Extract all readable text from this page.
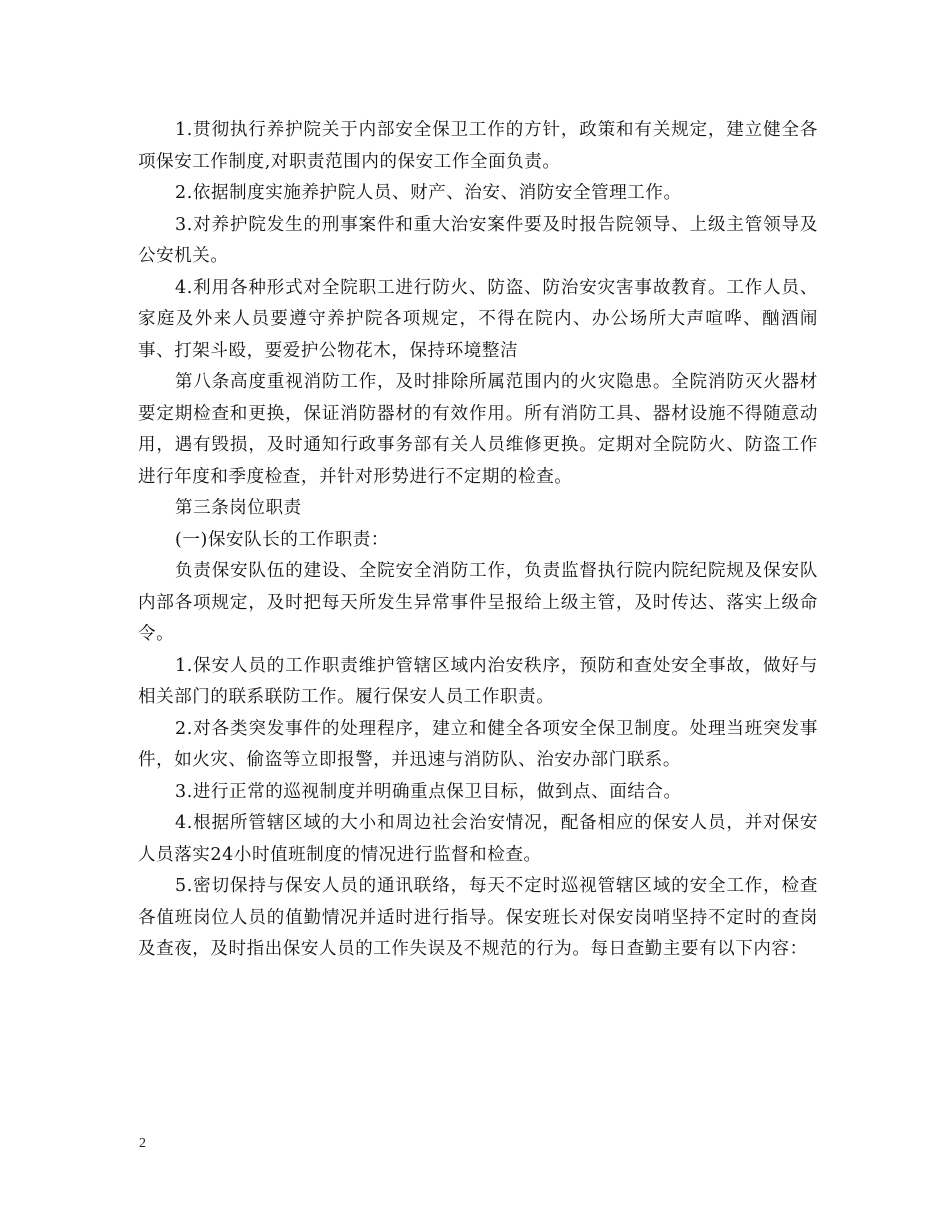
1.贯彻执行养护院关于内部安全保卫工作的方针，政策和有关规定，建立健全各项保安工作制度,对职责范围内的保安工作全面负责。

2.依据制度实施养护院人员、财产、治安、消防安全管理工作。

3.对养护院发生的刑事案件和重大治安案件要及时报告院领导、上级主管领导及公安机关。

4.利用各种形式对全院职工进行防火、防盗、防治安灾害事故教育。工作人员、家庭及外来人员要遵守养护院各项规定，不得在院内、办公场所大声喧哗、酗酒闹事、打架斗殴，要爱护公物花木，保持环境整洁

第八条高度重视消防工作，及时排除所属范围内的火灾隐患。全院消防灭火器材要定期检查和更换，保证消防器材的有效作用。所有消防工具、器材设施不得随意动用，遇有毁损，及时通知行政事务部有关人员维修更换。定期对全院防火、防盗工作进行年度和季度检查，并针对形势进行不定期的检查。

第三条岗位职责

(一)保安队长的工作职责：

负责保安队伍的建设、全院安全消防工作，负责监督执行院内院纪院规及保安队内部各项规定，及时把每天所发生异常事件呈报给上级主管，及时传达、落实上级命令。

1.保安人员的工作职责维护管辖区域内治安秩序，预防和查处安全事故，做好与相关部门的联系联防工作。履行保安人员工作职责。

2.对各类突发事件的处理程序，建立和健全各项安全保卫制度。处理当班突发事件，如火灾、偷盗等立即报警，并迅速与消防队、治安办部门联系。

3.进行正常的巡视制度并明确重点保卫目标，做到点、面结合。

4.根据所管辖区域的大小和周边社会治安情况，配备相应的保安人员，并对保安人员落实24小时值班制度的情况进行监督和检查。

5.密切保持与保安人员的通讯联络，每天不定时巡视管辖区域的安全工作，检查各值班岗位人员的值勤情况并适时进行指导。保安班长对保安岗哨坚持不定时的查岗及查夜，及时指出保安人员的工作失误及不规范的行为。每日查勤主要有以下内容：

2
